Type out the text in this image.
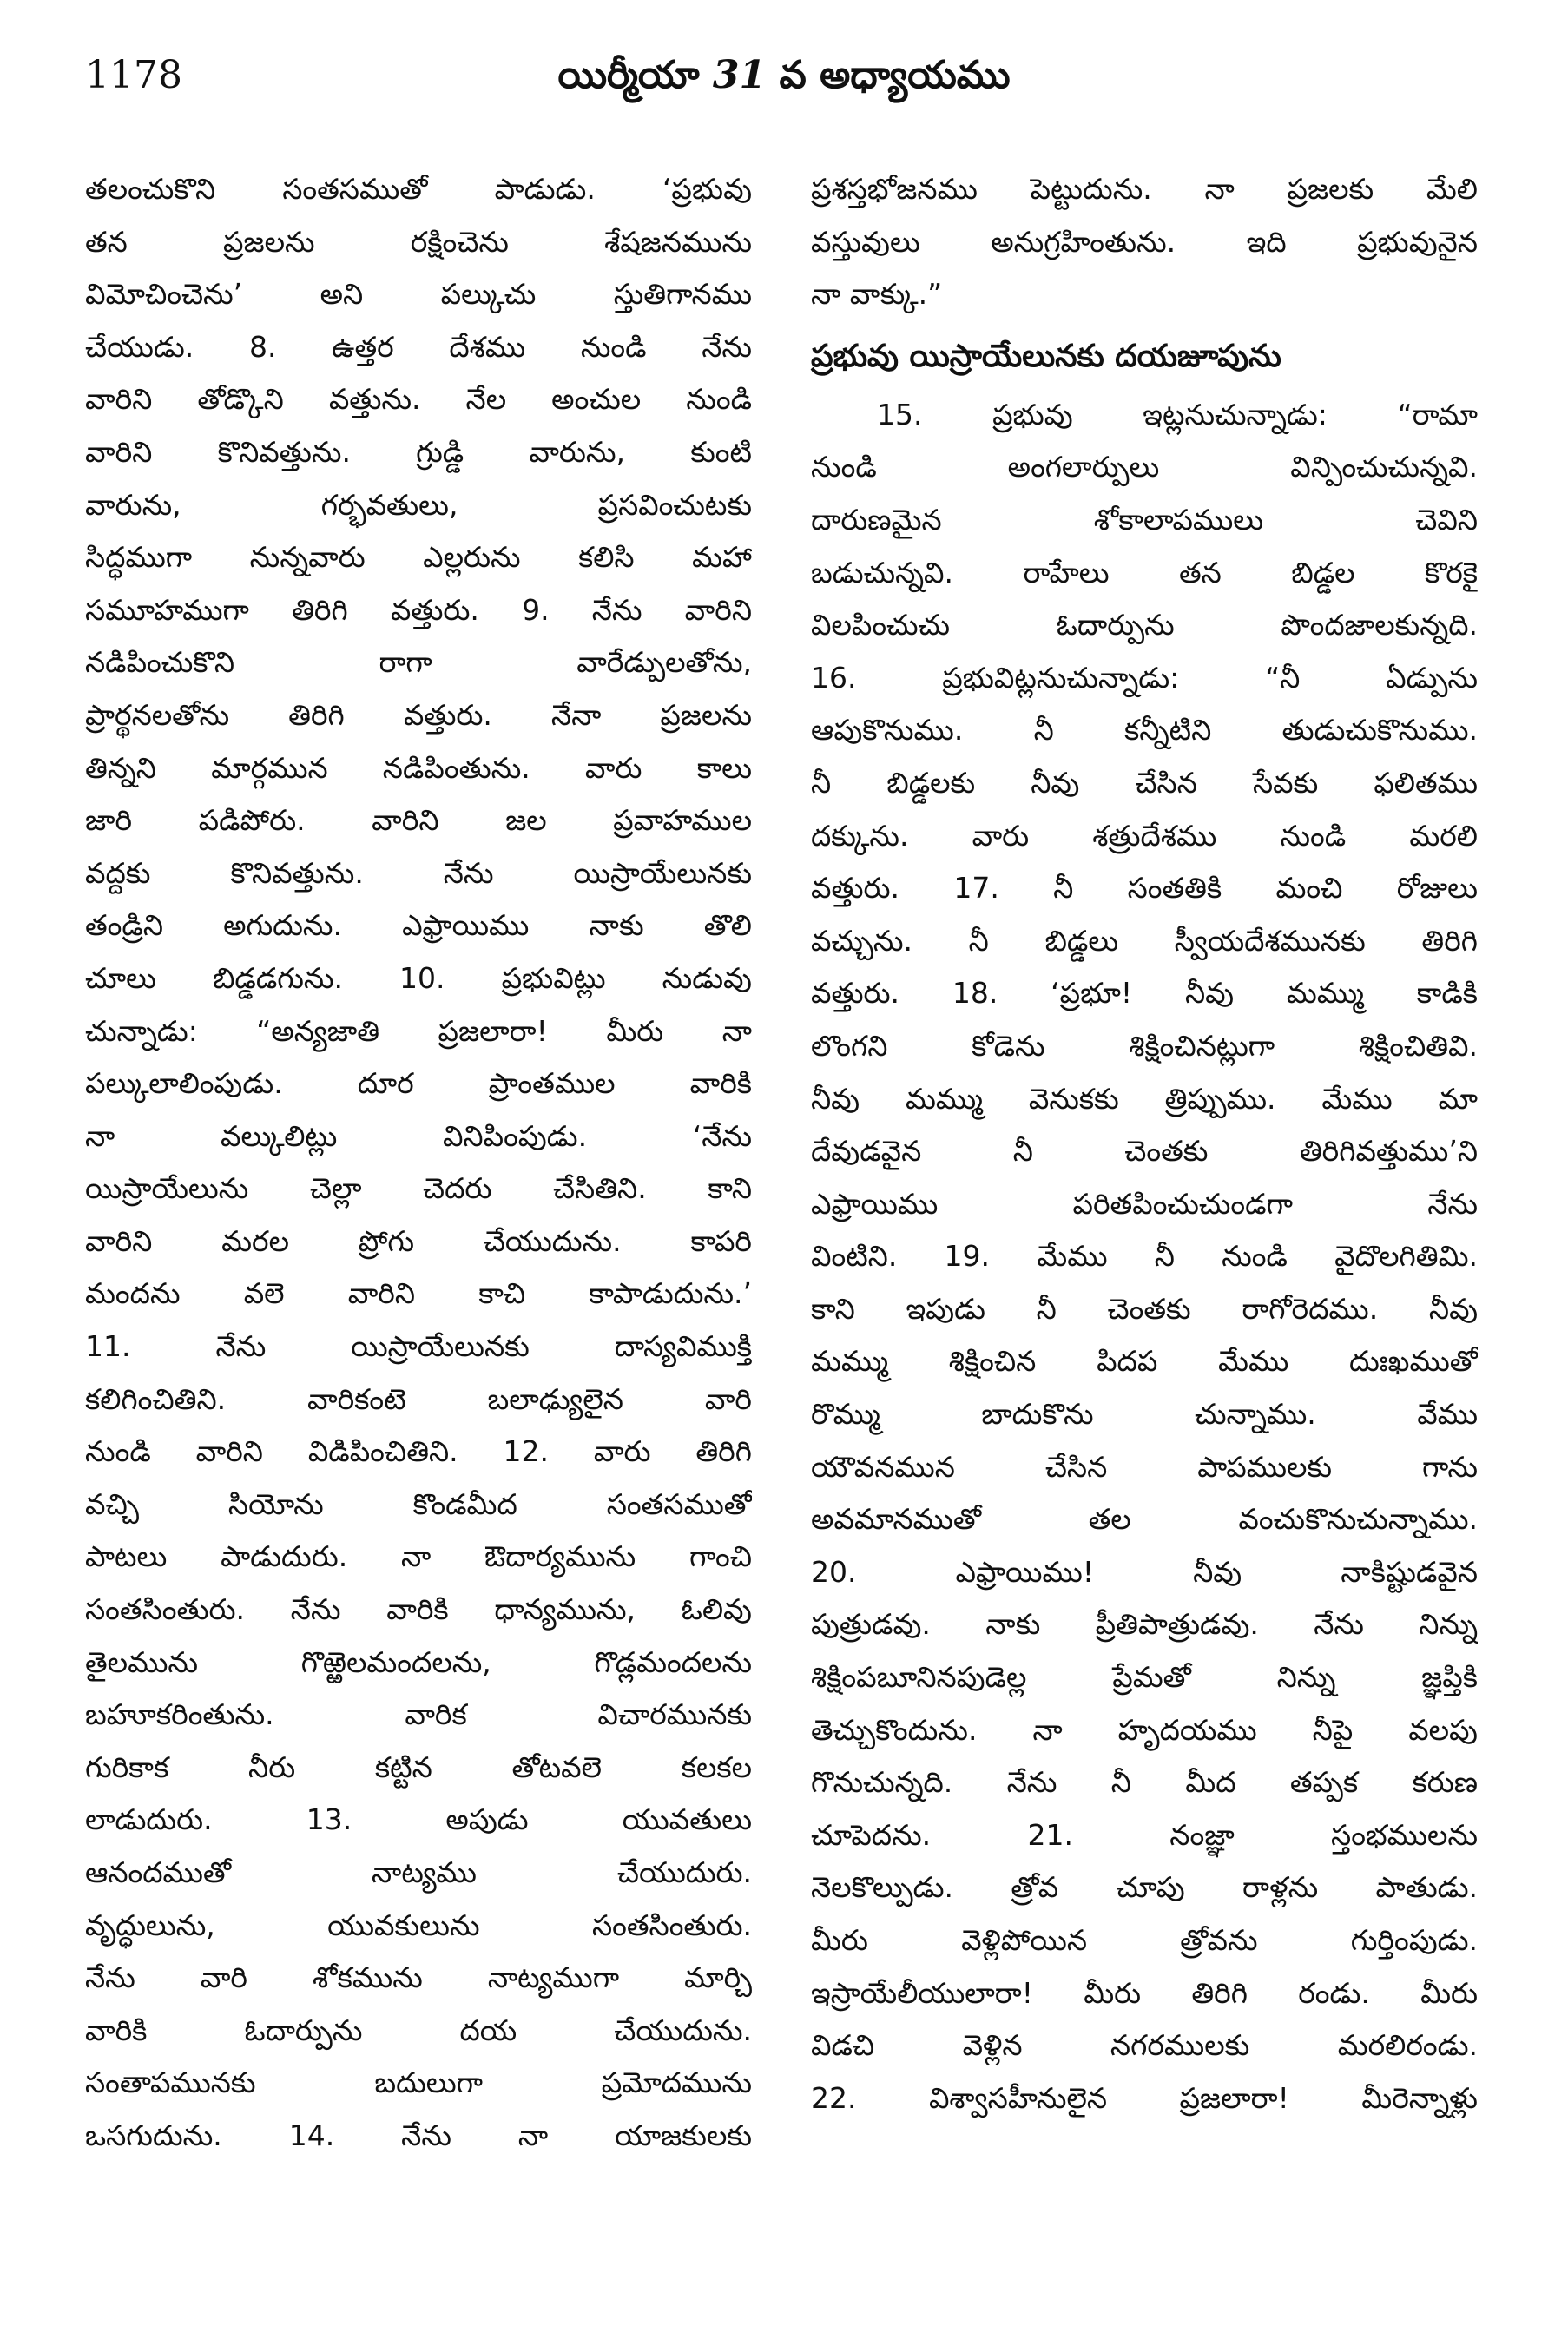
1178	యిర్మీయా 31 వ అధ్యాయము
తలంచుకొని సంతసముతో పాడుడు. ‘ప్రభువు
తన ప్రజలను రక్షించెను శేషజనమును
విమోచించెను’ అని పల్కుచు స్తుతిగానము
చేయుడు. 8. ఉత్తర దేశము నుండి నేను
వారిని తోడ్కొని వత్తును. నేల అంచుల నుండి
వారిని కొనివత్తును. గ్రుడ్డి వారును, కుంటి
వారును, గర్భవతులు, ప్రసవించుటకు
సిద్ధముగా నున్నవారు ఎల్లరును కలిసి మహా
సమూహముగా తిరిగి వత్తురు. 9. నేను వారిని
నడిపించుకొని రాగా వారేడ్పులతోను,
ప్రార్థనలతోను తిరిగి వత్తురు. నేనా ప్రజలను
తిన్నని మార్గమున నడిపింతును. వారు కాలు
జారి పడిపోరు. వారిని జల ప్రవాహముల
వద్దకు కొనివత్తును. నేను యిస్రాయేలునకు
తండ్రిని అగుదును. ఎఫ్రాయిము నాకు తొలి
చూలు బిడ్డడగును. 10. ప్రభువిట్లు నుడువు
చున్నాడు: “అన్యజాతి ప్రజలారా! మీరు నా
పల్కులాలింపుడు. దూర ప్రాంతముల వారికి
నా వల్కులిట్లు వినిపింపుడు. ‘నేను
యిస్రాయేలును చెల్లా చెదరు చేసితిని. కాని
వారిని మరల ప్రోగు చేయుదును. కాపరి
మందను వలె వారిని కాచి కాపాడుదును.’
11. నేను యిస్రాయేలునకు దాస్యవిముక్తి
కలిగించితిని. వారికంటె బలాఢ్యులైన వారి
నుండి వారిని విడిపించితిని. 12. వారు తిరిగి
వచ్చి సియోను కొండమీద సంతసముతో
పాటలు పాడుదురు. నా ఔదార్యమును గాంచి
సంతసింతురు. నేను వారికి ధాన్యమును, ఓలివు
తైలమును గొఱ్ఱెలమందలను, గొడ్లమందలను
బహూకరింతును. వారిక విచారమునకు
గురికాక నీరు కట్టిన తోటవలె కలకల
లాడుదురు. 13. అపుడు యువతులు
ఆనందముతో నాట్యము చేయుదురు.
వృద్ధులును, యువకులును సంతసింతురు.
నేను వారి శోకమును నాట్యముగా మార్చి
వారికి ఓదార్పును దయ చేయుదును.
సంతాపమునకు బదులుగా ప్రమోదమును
ఒసగుదును. 14. నేను నా యాజకులకు
ప్రశస్తభోజనము పెట్టుదును. నా ప్రజలకు మేలి
వస్తువులు అనుగ్రహింతును. ఇది ప్రభువునైన
నా వాక్కు.”
ప్రభువు యిస్రాయేలునకు దయజూపును
15. ప్రభువు ఇట్లనుచున్నాడు: “రామా
నుండి అంగలార్పులు విన్పించుచున్నవి.
దారుణమైన శోకాలాపములు చెవిని
బడుచున్నవి. రాహేలు తన బిడ్డల కొరకై
విలపించుచు ఓదార్పును పొందజాలకున్నది.
16. ప్రభువిట్లనుచున్నాడు: “నీ ఏడ్పును
ఆపుకొనుము. నీ కన్నీటిని తుడుచుకొనుము.
నీ బిడ్డలకు నీవు చేసిన సేవకు ఫలితము
దక్కును. వారు శత్రుదేశము నుండి మరలి
వత్తురు. 17. నీ సంతతికి మంచి రోజులు
వచ్చును. నీ బిడ్డలు స్వీయదేశమునకు తిరిగి
వత్తురు. 18. ‘ప్రభూ! నీవు మమ్ము కాడికి
లొంగని కోడెను శిక్షించినట్లుగా శిక్షించితివి.
నీవు మమ్ము వెనుకకు త్రిప్పుము. మేము మా
దేవుడవైన నీ చెంతకు తిరిగివత్తుము’ని
ఎఫ్రాయిము పరితపించుచుండగా నేను
వింటిని. 19. మేము నీ నుండి వైదొలగితిమి.
కాని ఇపుడు నీ చెంతకు రాగోరెదము. నీవు
మమ్ము శిక్షించిన పిదప మేము దుఃఖముతో
రొమ్ము బాదుకొను చున్నాము. వేము
యౌవనమున చేసిన పాపములకు గాను
అవమానముతో తల వంచుకొనుచున్నాము.
20. ఎఫ్రాయిము! నీవు నాకిష్టుడవైన
పుత్రుడవు. నాకు ప్రీతిపాత్రుడవు. నేను నిన్ను
శిక్షింపబూనినపుడెల్ల ప్రేమతో నిన్ను జ్ఞప్తికి
తెచ్చుకొందును. నా హృదయము నీపై వలపు
గొనుచున్నది. నేను నీ మీద తప్పక కరుణ
చూపెదను. 21. నంజ్ఞా స్తంభములను
నెలకొల్పుడు. త్రోవ చూపు రాళ్లను పాతుడు.
మీరు వెళ్లిపోయిన త్రోవను గుర్తింపుడు.
ఇస్రాయేలీయులారా! మీరు తిరిగి రండు. మీరు
విడచి వెళ్లిన నగరములకు మరలిరండు.
22. విశ్వాసహీనులైన ప్రజలారా! మీరెన్నాళ్లు
